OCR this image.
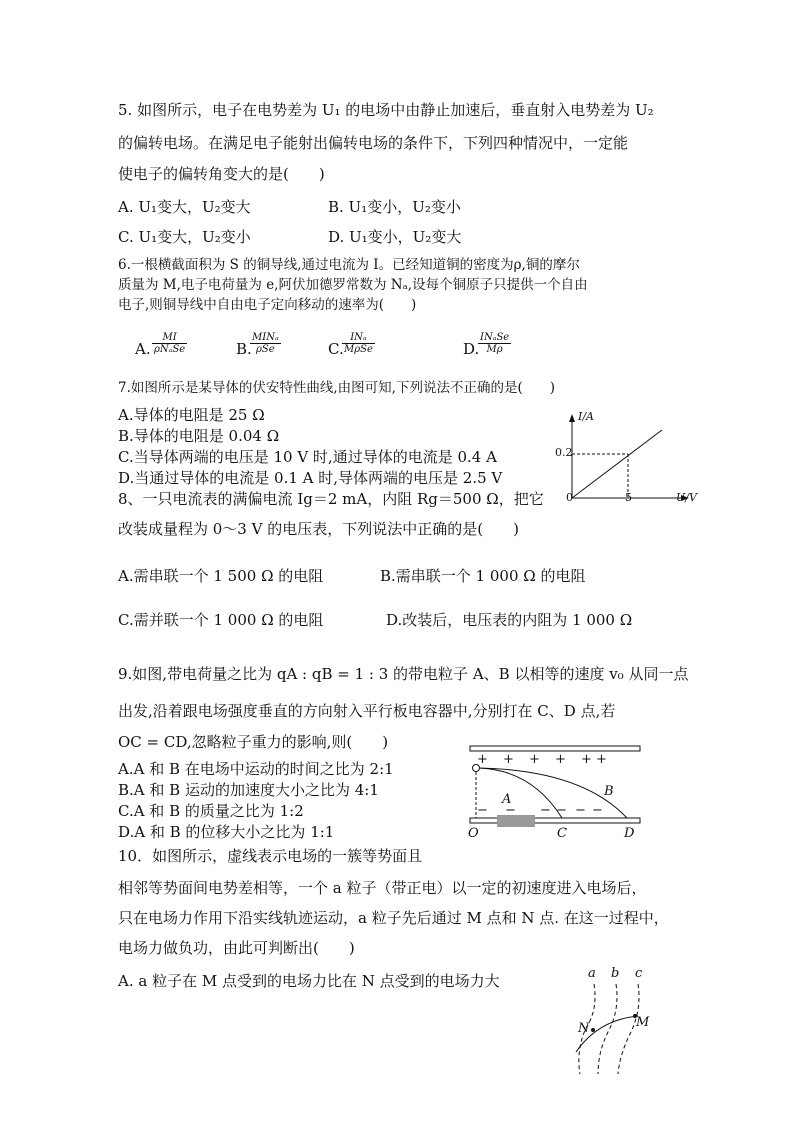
5. 如图所示，电子在电势差为 U₁ 的电场中由静止加速后，垂直射入电势差为 U₂
的偏转电场。在满足电子能射出偏转电场的条件下，下列四种情况中，一定能
使电子的偏转角变大的是(　　)
A. U₁变大，U₂变大	B. U₁变小，U₂变小
C. U₁变大，U₂变小	D. U₁变小，U₂变大
6.一根横截面积为 S 的铜导线,通过电流为 I。已经知道铜的密度为ρ,铜的摩尔
质量为 M,电子电荷量为 e,阿伏加德罗常数为 Nₐ,设每个铜原子只提供一个自由
电子,则铜导线中自由电子定向移动的速率为(　　)
A.
MI
ρNₐSe	B.
MINₐ
ρSe	C.
INₐ
MρSe	D.
INₐSe
Mρ
7.如图所示是某导体的伏安特性曲线,由图可知,下列说法不正确的是(　　)
A.导体的电阻是 25 Ω
B.导体的电阻是 0.04 Ω
C.当导体两端的电压是 10 V 时,通过导体的电流是 0.4 A
D.当通过导体的电流是 0.1 A 时,导体两端的电压是 2.5 V
I/A
0.2
0	5	U/V
8、一只电流表的满偏电流 Ig＝2 mA，内阻 Rg＝500 Ω，把它
改装成量程为 0～3 V 的电压表，下列说法中正确的是(　　)
A.需串联一个 1 500 Ω 的电阻	B.需串联一个 1 000 Ω 的电阻
C.需并联一个 1 000 Ω 的电阻	D.改装后，电压表的内阻为 1 000 Ω
9.如图,带电荷量之比为 qA : qB = 1 : 3 的带电粒子 A、B 以相等的速度 v₀ 从同一点
出发,沿着跟电场强度垂直的方向射入平行板电容器中,分别打在 C、D 点,若
OC = CD,忽略粒子重力的影响,则(　　)
A.A 和 B 在电场中运动的时间之比为 2:1
B.A 和 B 运动的加速度大小之比为 4:1
C.A 和 B 的质量之比为 1:2
D.A 和 B 的位移大小之比为 1:1
+ + + + + +
− − − − − −
A
B
O	C	D
10．如图所示，虚线表示电场的一簇等势面且
相邻等势面间电势差相等，一个 a 粒子（带正电）以一定的初速度进入电场后，
只在电场力作用下沿实线轨迹运动，a 粒子先后通过 M 点和 N 点. 在这一过程中，
电场力做负功，由此可判断出(　　)
A. a 粒子在 M 点受到的电场力比在 N 点受到的电场力大	a b c
N	M
